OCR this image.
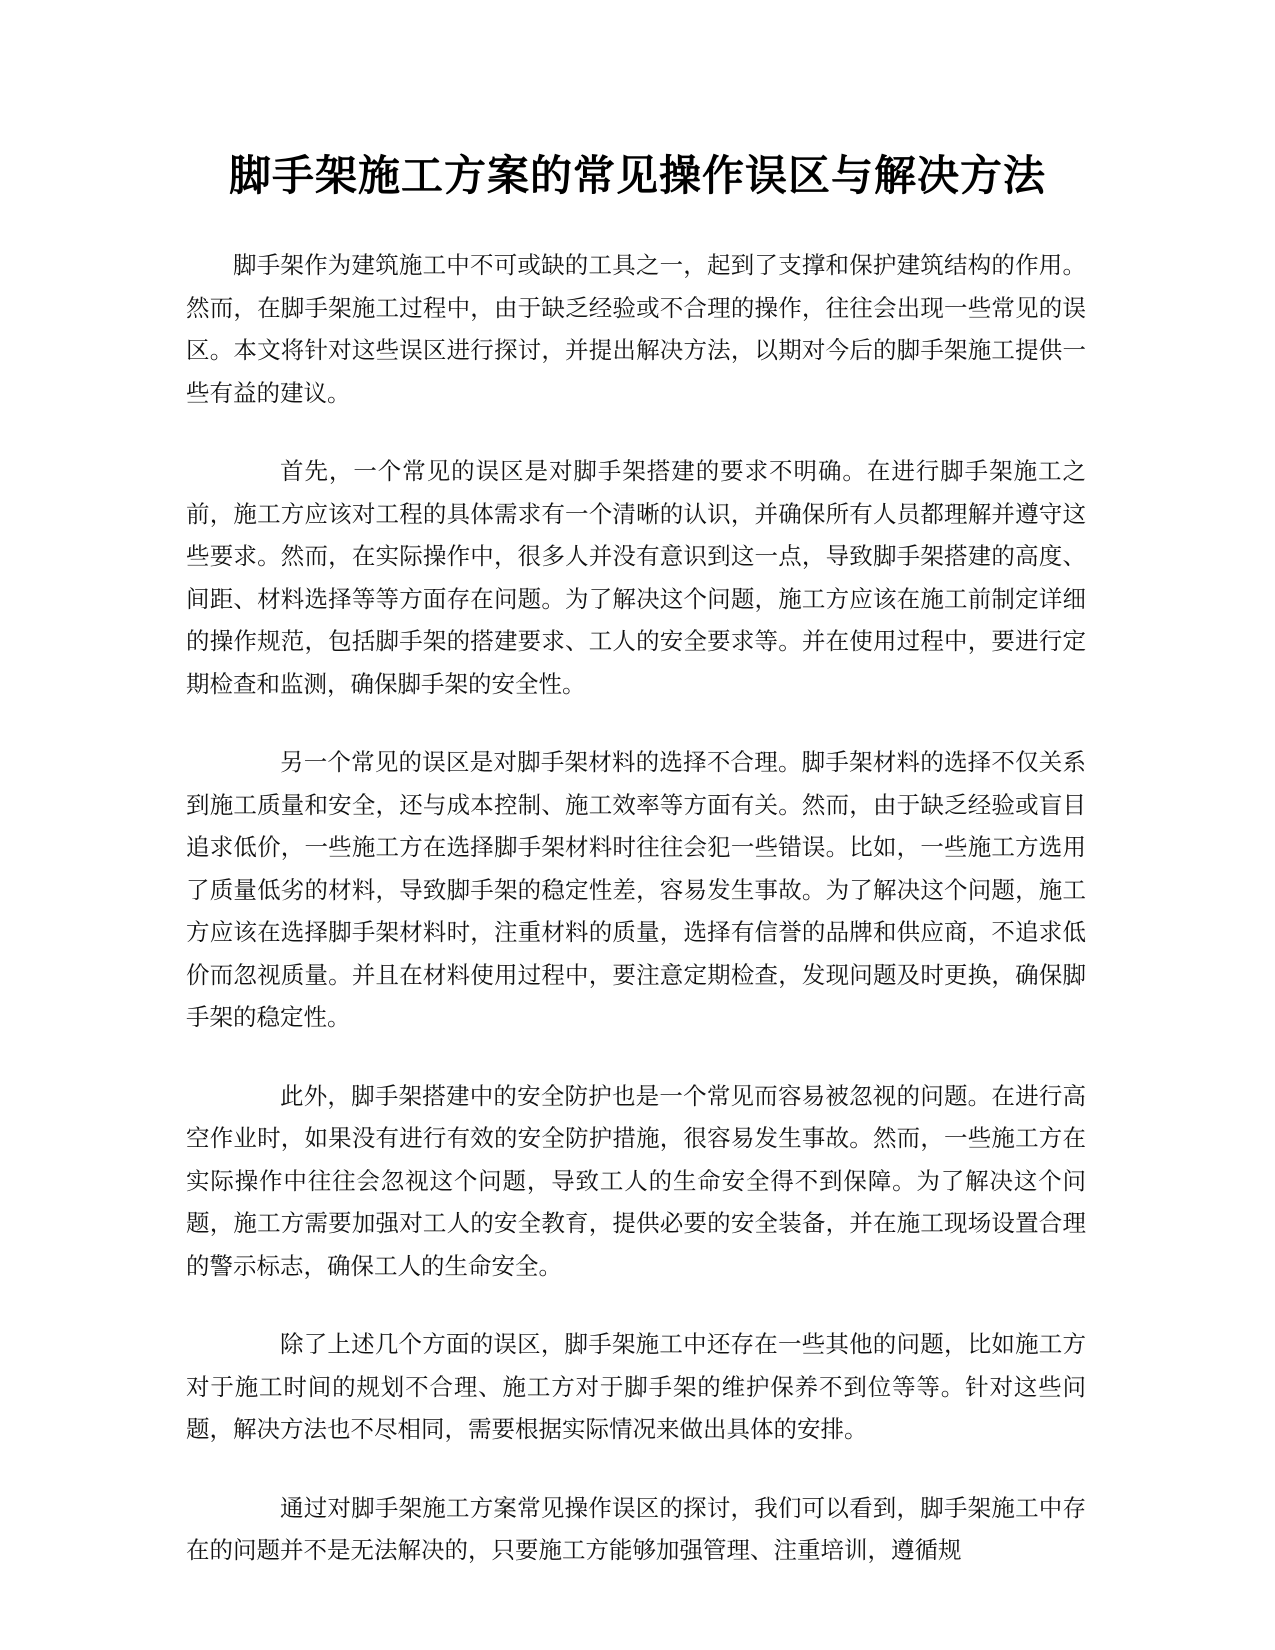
脚手架施工方案的常见操作误区与解决方法

脚手架作为建筑施工中不可或缺的工具之一，起到了支撑和保护建筑结构的作用。然而，在脚手架施工过程中，由于缺乏经验或不合理的操作，往往会出现一些常见的误区。本文将针对这些误区进行探讨，并提出解决方法，以期对今后的脚手架施工提供一些有益的建议。

首先，一个常见的误区是对脚手架搭建的要求不明确。在进行脚手架施工之前，施工方应该对工程的具体需求有一个清晰的认识，并确保所有人员都理解并遵守这些要求。然而，在实际操作中，很多人并没有意识到这一点，导致脚手架搭建的高度、间距、材料选择等等方面存在问题。为了解决这个问题，施工方应该在施工前制定详细的操作规范，包括脚手架的搭建要求、工人的安全要求等。并在使用过程中，要进行定期检查和监测，确保脚手架的安全性。

另一个常见的误区是对脚手架材料的选择不合理。脚手架材料的选择不仅关系到施工质量和安全，还与成本控制、施工效率等方面有关。然而，由于缺乏经验或盲目追求低价，一些施工方在选择脚手架材料时往往会犯一些错误。比如，一些施工方选用了质量低劣的材料，导致脚手架的稳定性差，容易发生事故。为了解决这个问题，施工方应该在选择脚手架材料时，注重材料的质量，选择有信誉的品牌和供应商，不追求低价而忽视质量。并且在材料使用过程中，要注意定期检查，发现问题及时更换，确保脚手架的稳定性。

此外，脚手架搭建中的安全防护也是一个常见而容易被忽视的问题。在进行高空作业时，如果没有进行有效的安全防护措施，很容易发生事故。然而，一些施工方在实际操作中往往会忽视这个问题，导致工人的生命安全得不到保障。为了解决这个问题，施工方需要加强对工人的安全教育，提供必要的安全装备，并在施工现场设置合理的警示标志，确保工人的生命安全。

除了上述几个方面的误区，脚手架施工中还存在一些其他的问题，比如施工方对于施工时间的规划不合理、施工方对于脚手架的维护保养不到位等等。针对这些问题，解决方法也不尽相同，需要根据实际情况来做出具体的安排。

通过对脚手架施工方案常见操作误区的探讨，我们可以看到，脚手架施工中存在的问题并不是无法解决的，只要施工方能够加强管理、注重培训，遵循规
